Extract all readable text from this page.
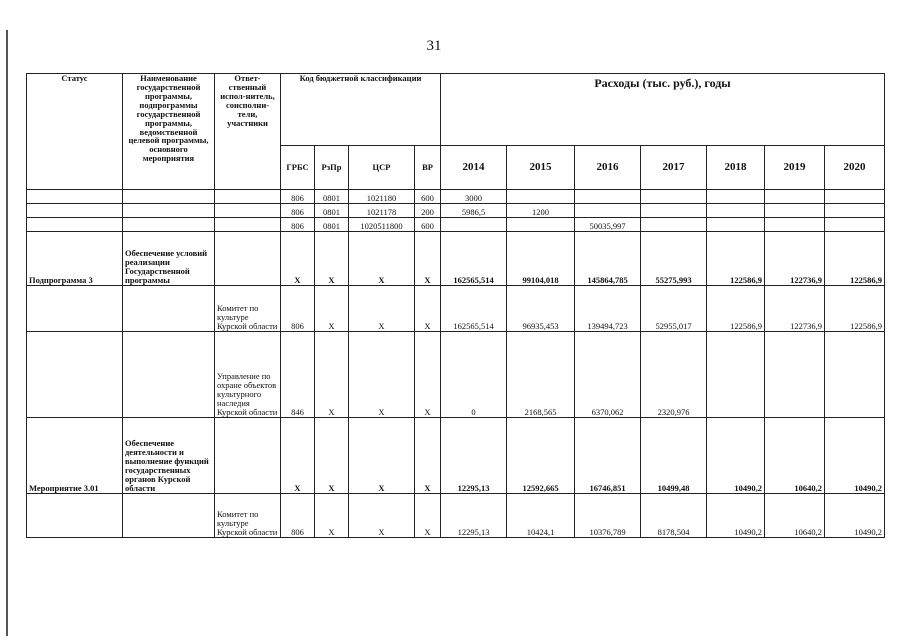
31
Статус	Наименование государственной программы, подпрограммы государственной программы, ведомственной целевой программы, основного мероприятия	Ответ-ственный испол-нитель, соисполни-тели, участники	Код бюджетной классификации				Расходы (тыс. руб.), годы						
							2014	2015	2016	2017	2018	2019	2020
			ГРБС	РзПр	ЦСР	ВР							
			806	0801	1021180	600	3000						
			806	0801	1021178	200	5986,5	1200					
			806	0801	1020511800	600			50035,997				
Подпрограмма 3	Обеспечение условий реализации Государственной программы		Х	Х	Х	Х	162565,514	99104,018	145864,785	55275,993	122586,9	122736,9	122586,9
		Комитет по культуре Курской области	806	Х	Х	Х	162565,514	96935,453	139494,723	52955,017	122586,9	122736,9	122586,9
		Управление по охране объектов культурного наследия Курской области	846	Х	Х	Х	0	2168,565	6370,062	2320,976			
Мероприятие 3.01	Обеспечение деятельности и выполнение функций государственных органов Курской области		Х	Х	Х	Х	12295,13	12592,665	16746,851	10499,48	10490,2	10640,2	10490,2
		Комитет по культуре Курской области	806	Х	Х	Х	12295,13	10424,1	10376,789	8178,504	10490,2	10640,2	10490,2
